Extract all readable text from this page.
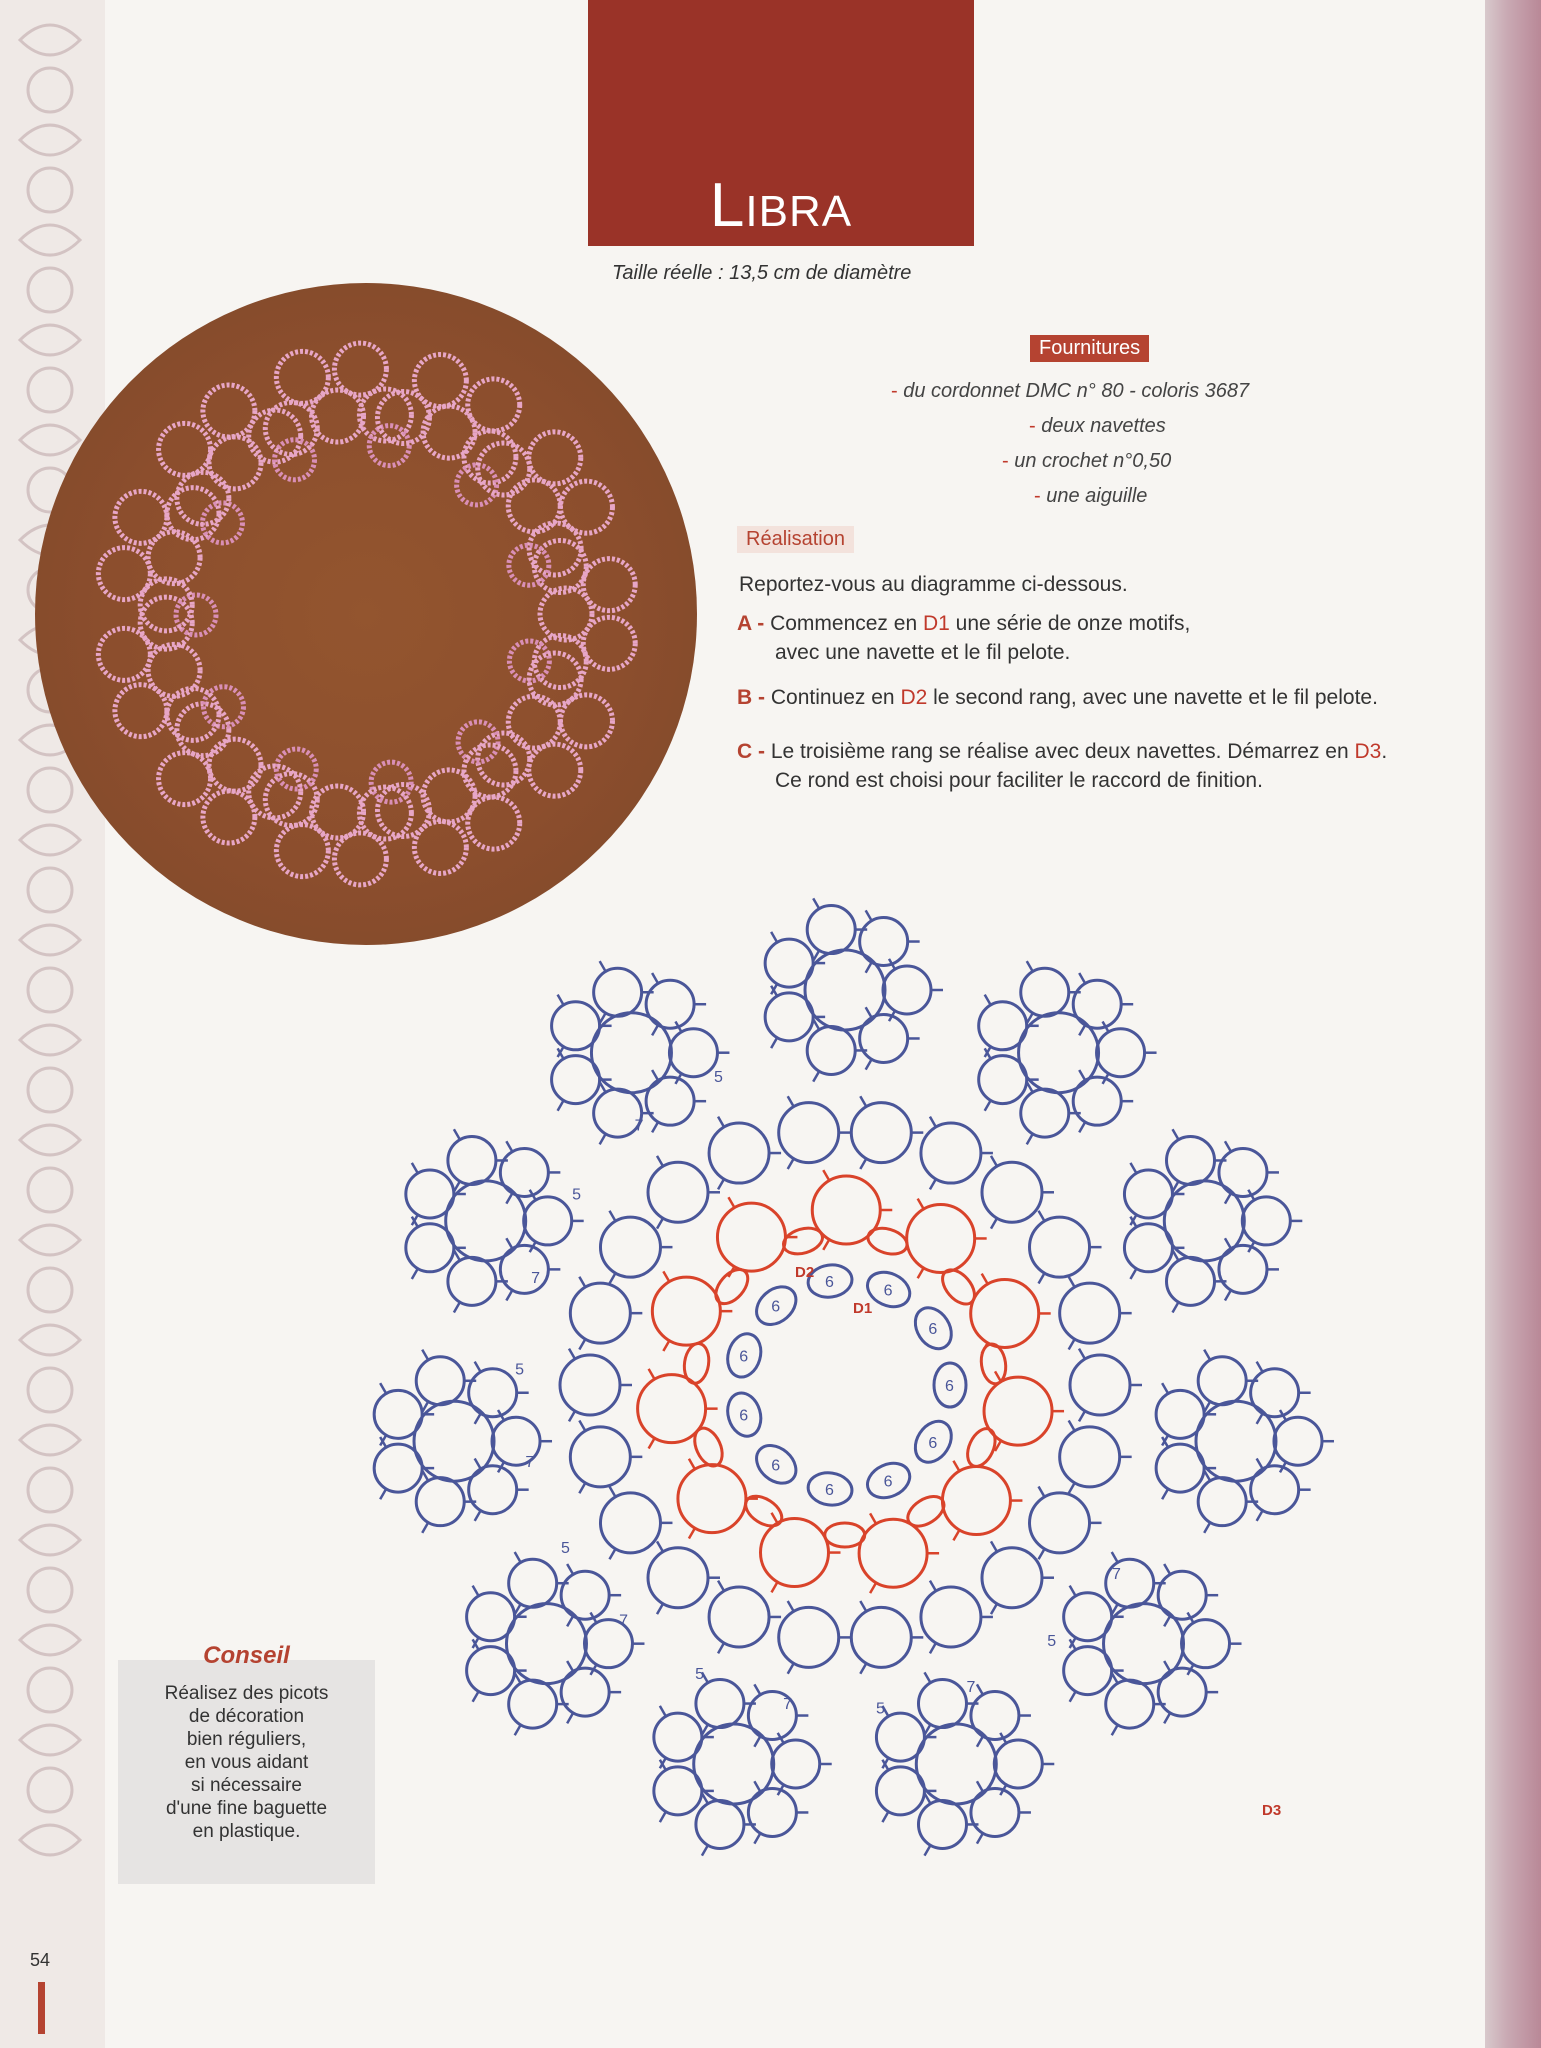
LIBRA
Taille réelle : 13,5 cm de diamètre
Fournitures
- du cordonnet DMC n° 80 - coloris 3687
- deux navettes
- un crochet n°0,50
- une aiguille
Réalisation
Reportez-vous au diagramme ci-dessous.
A - Commencez en D1 une série de onze motifs,
avec une navette et le fil pelote.
B - Continuez en D2 le second rang, avec une navette et le fil pelote.
C - Le troisième rang se réalise avec deux navettes. Démarrez en D3.
Ce rond est choisi pour faciliter le raccord de finition.
6
6
6
6
6
6
6
6
6	6
6
7
5
7
5
7
5
7
5
7
5
7
5
7
5
D2
D1
D3
Conseil
Réalisez des picots
de décoration
bien réguliers,
en vous aidant
si nécessaire
d'une fine baguette
en plastique.
54
